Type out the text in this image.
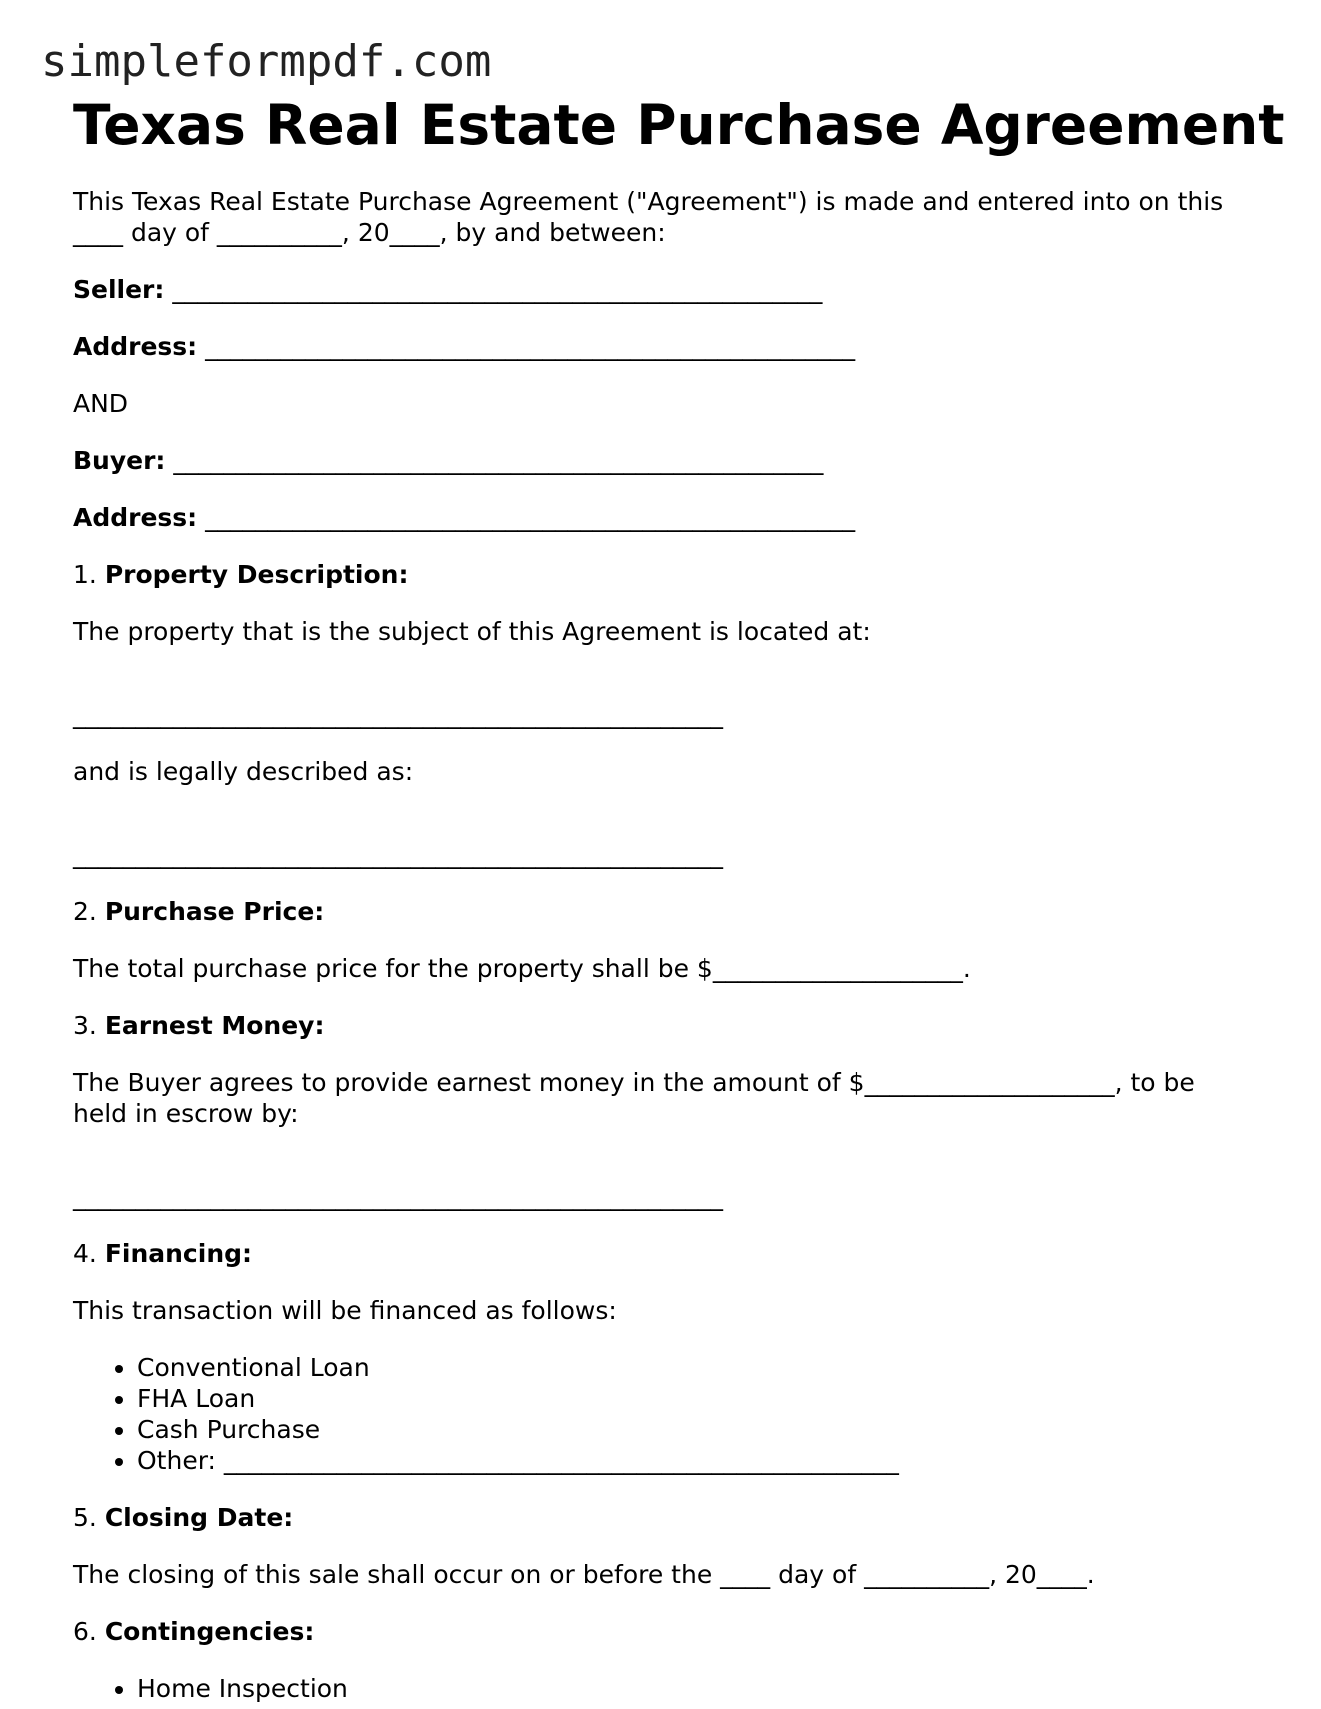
simpleformpdf.com
Texas Real Estate Purchase Agreement

This Texas Real Estate Purchase Agreement ("Agreement") is made and entered into on this ____ day of __________, 20____, by and between:

Seller: ____________________________________________________

Address: ____________________________________________________

AND

Buyer: ____________________________________________________

Address: ____________________________________________________

1. Property Description:

The property that is the subject of this Agreement is located at:

____________________________________________________

and is legally described as:

____________________________________________________

2. Purchase Price:

The total purchase price for the property shall be $____________________.

3. Earnest Money:

The Buyer agrees to provide earnest money in the amount of $____________________, to be held in escrow by:

____________________________________________________

4. Financing:

This transaction will be financed as follows:

• Conventional Loan
• FHA Loan
• Cash Purchase
• Other: ______________________________________________________

5. Closing Date:

The closing of this sale shall occur on or before the ____ day of __________, 20____.

6. Contingencies:

• Home Inspection
